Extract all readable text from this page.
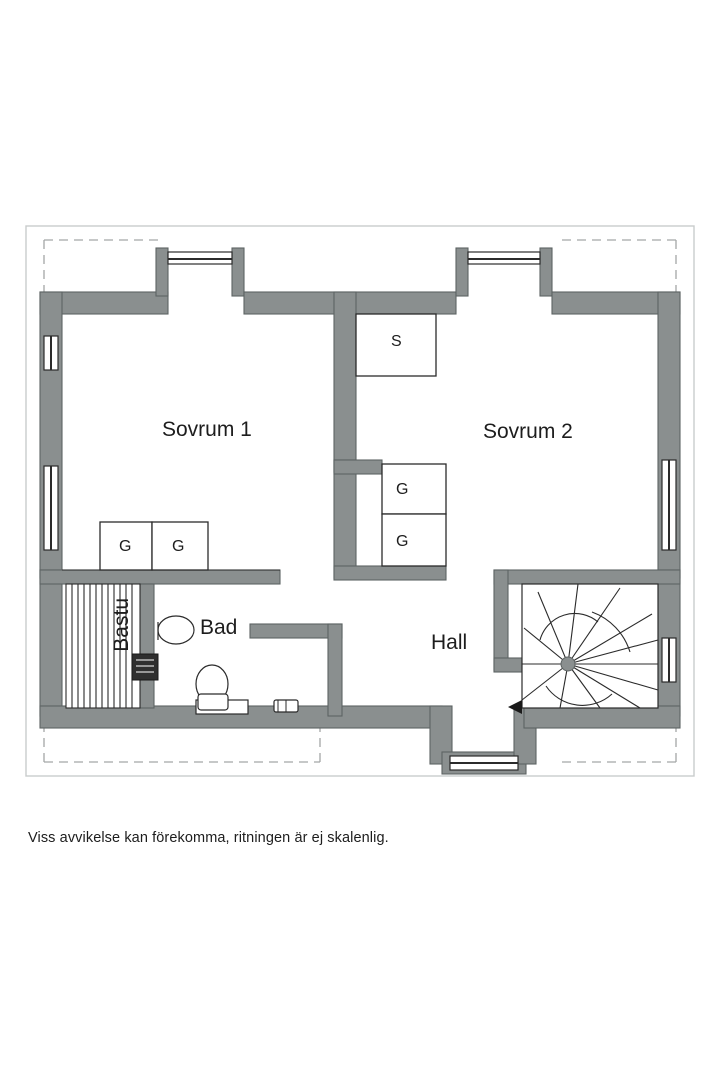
Sovrum 1	Sovrum 2
Hall
Bad
Bastu
S
G	G
G
G
Viss avvikelse kan förekomma, ritningen är ej skalenlig.
